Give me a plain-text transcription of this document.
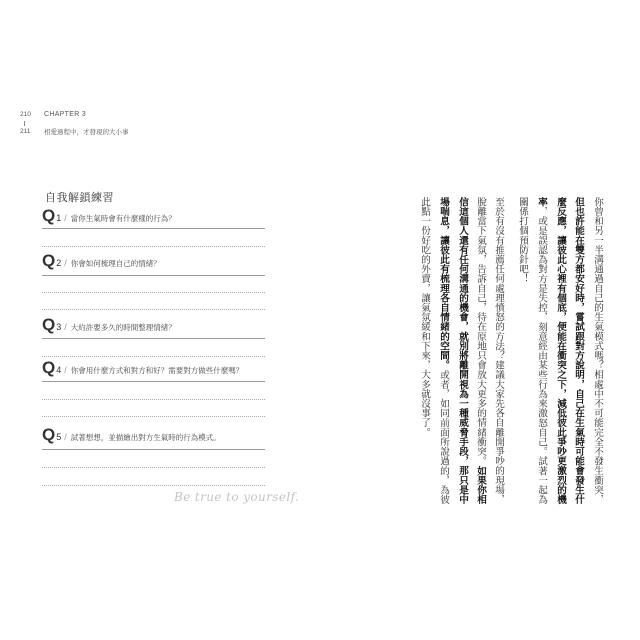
210
211
CHAPTER 3
相愛過程中，才發現的大小事
自我解鎖練習
Q 1 / 當你生氣時會有什麼樣的行為？
Q 2 / 你會如何梳理自己的情緒？
Q 3 / 大約許要多久的時間整理情緒？
Q 4 / 你會用什麼方式和對方和好？需要對方做些什麼嗎？
Q 5 / 試著想想，並描繪出對方生氣時的行為模式。
Be true to yourself.	你曾和另一半溝通過自己的生氣模式嗎？相處中不可能完全不發生衝突，
但也許能在雙方都安好時，嘗試跟對方說明，自己在生氣時可能會發生什
麼反應，讓彼此心裡有個底，便能在衝突之下，減低彼此爭吵更激烈的機
率，或是誤認為對方是失控，刻意經由某些行為來激怒自己。試著一起為
關係打個預防針吧！
至於有沒有推薦任何處理憤怒的方法？建議大家先各自離開爭吵的現場，
脫離當下氣氛，告訴自己，待在原地只會放大更多的情緒衝突。如果你相
信這個人還有任何溝通的機會，就別將離開視為一種威脅手段，那只是中
場喘息，讓彼此有梳理各自情緒的空間。或者，如同前面所說過的，為彼
此點一份好吃的外賣，讓氣氛緩和下來，大多就沒事了。
